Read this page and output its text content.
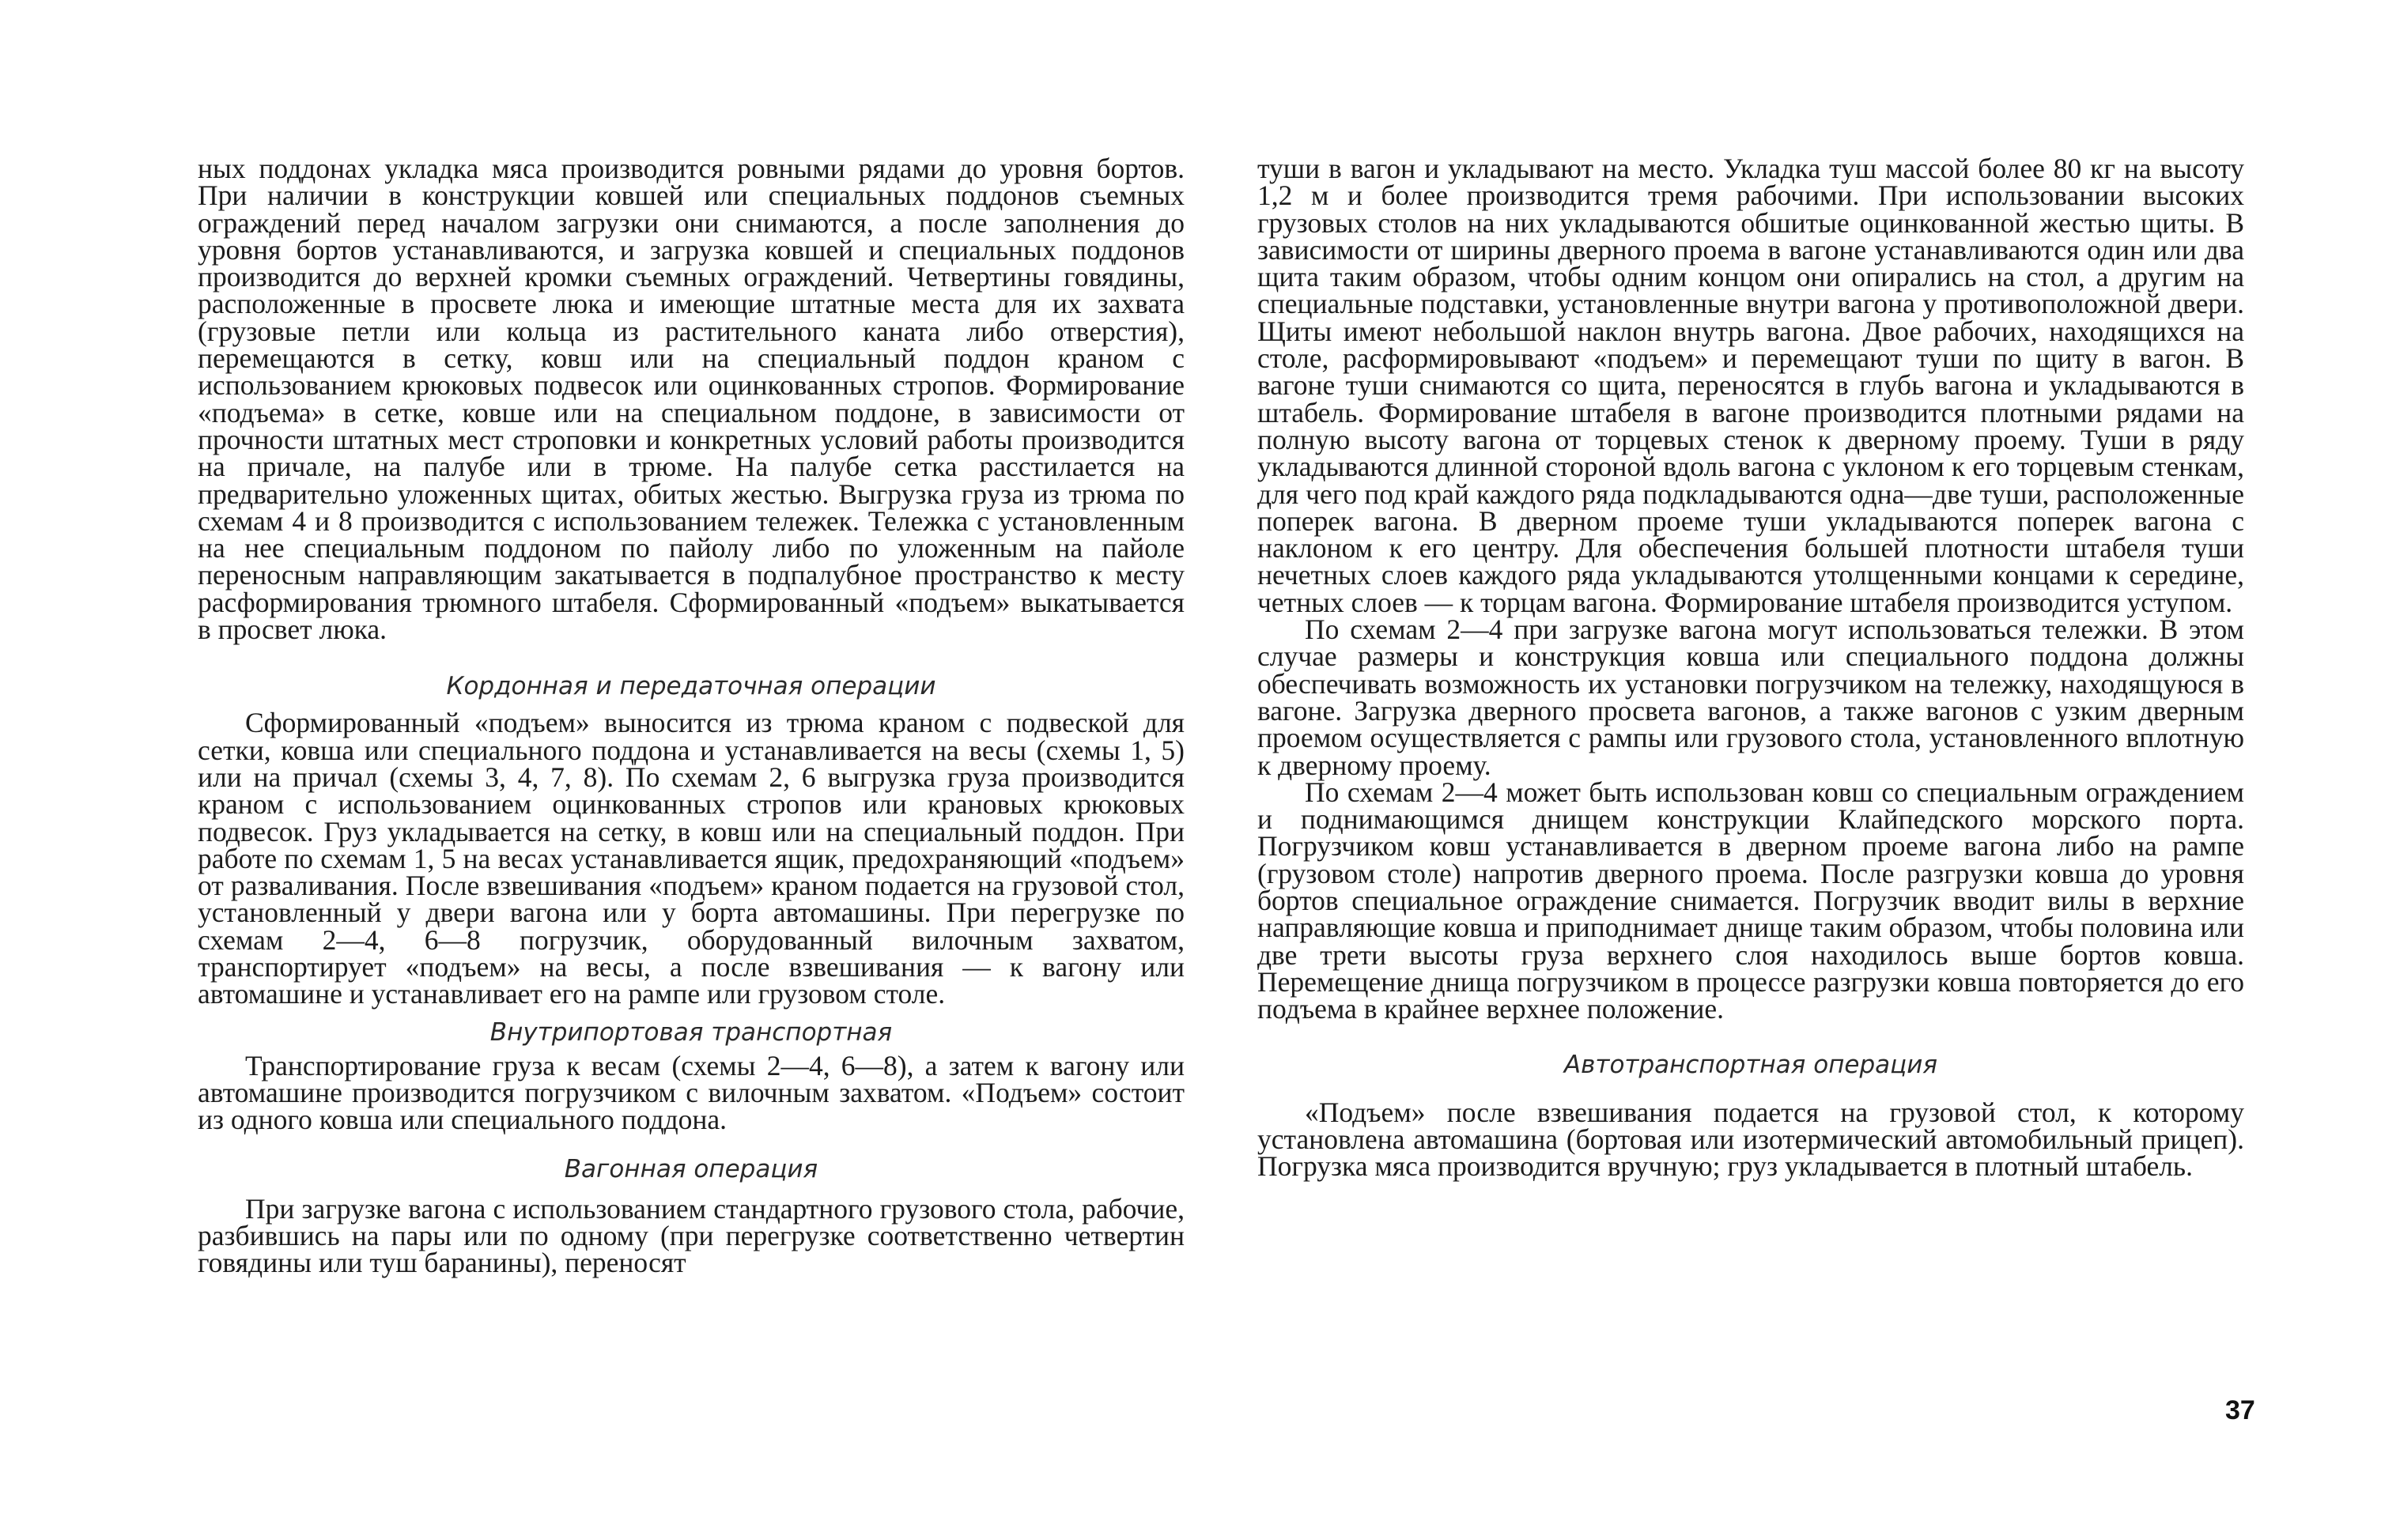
ных поддонах укладка мяса производится ровными рядами до уровня бортов. При наличии в конструкции ковшей или специальных поддонов съемных ограждений перед началом загрузки они снимаются, а после заполнения до уровня бортов устанавливаются, и загрузка ковшей и специальных поддонов производится до верхней кромки съемных ограждений. Четвертины говядины, расположенные в просвете люка и имеющие штатные места для их захвата (грузовые петли или кольца из растительного каната либо отверстия), перемещаются в сетку, ковш или на специальный поддон краном с использованием крюковых подвесок или оцинкованных стропов. Формирование «подъема» в сетке, ковше или на специальном поддоне, в зависимости от прочности штатных мест строповки и конкретных условий работы производится на причале, на палубе или в трюме. На палубе сетка расстилается на предварительно уложенных щитах, обитых жестью. Выгрузка груза из трюма по схемам 4 и 8 производится с использованием тележек. Тележка с установленным на нее специальным поддоном по пайолу либо по уложенным на пайоле переносным направляющим закатывается в подпалубное пространство к месту расформирования трюмного штабеля. Сформированный «подъем» выкатывается в просвет люка.

Кордонная и передаточная операции

Сформированный «подъем» выносится из трюма краном с подвеской для сетки, ковша или специального поддона и устанавливается на весы (схемы 1, 5) или на причал (схемы 3, 4, 7, 8). По схемам 2, 6 выгрузка груза производится краном с использованием оцинкованных стропов или крановых крюковых подвесок. Груз укладывается на сетку, в ковш или на специальный поддон. При работе по схемам 1, 5 на весах устанавливается ящик, предохраняющий «подъем» от разваливания. После взвешивания «подъем» краном подается на грузовой стол, установленный у двери вагона или у борта автомашины. При перегрузке по схемам 2—4, 6—8 погрузчик, оборудованный вилочным захватом, транспортирует «подъем» на весы, а после взвешивания — к вагону или автомашине и устанавливает его на рампе или грузовом столе.

Внутрипортовая транспортная

Транспортирование груза к весам (схемы 2—4, 6—8), а затем к вагону или автомашине производится погрузчиком с вилочным захватом. «Подъем» состоит из одного ковша или специального поддона.

Вагонная операция

При загрузке вагона с использованием стандартного грузового стола, рабочие, разбившись на пары или по одному (при перегрузке соответственно четвертин говядины или туш баранины), переносят

туши в вагон и укладывают на место. Укладка туш массой более 80 кг на высоту 1,2 м и более производится тремя рабочими. При использовании высоких грузовых столов на них укладываются обшитые оцинкованной жестью щиты. В зависимости от ширины дверного проема в вагоне устанавливаются один или два щита таким образом, чтобы одним концом они опирались на стол, а другим на специальные подставки, установленные внутри вагона у противоположной двери. Щиты имеют небольшой наклон внутрь вагона. Двое рабочих, находящихся на столе, расформировывают «подъем» и перемещают туши по щиту в вагон. В вагоне туши снимаются со щита, переносятся в глубь вагона и укладываются в штабель. Формирование штабеля в вагоне производится плотными рядами на полную высоту вагона от торцевых стенок к дверному проему. Туши в ряду укладываются длинной стороной вдоль вагона с уклоном к его торцевым стенкам, для чего под край каждого ряда подкладываются одна—две туши, расположенные поперек вагона. В дверном проеме туши укладываются поперек вагона с наклоном к его центру. Для обеспечения большей плотности штабеля туши нечетных слоев каждого ряда укладываются утолщенными концами к середине, четных слоев — к торцам вагона. Формирование штабеля производится уступом.

По схемам 2—4 при загрузке вагона могут использоваться тележки. В этом случае размеры и конструкция ковша или специального поддона должны обеспечивать возможность их установки погрузчиком на тележку, находящуюся в вагоне. Загрузка дверного просвета вагонов, а также вагонов с узким дверным проемом осуществляется с рампы или грузового стола, установленного вплотную к дверному проему.

По схемам 2—4 может быть использован ковш со специальным ограждением и поднимающимся днищем конструкции Клайпедского морского порта. Погрузчиком ковш устанавливается в дверном проеме вагона либо на рампе (грузовом столе) напротив дверного проема. После разгрузки ковша до уровня бортов специальное ограждение снимается. Погрузчик вводит вилы в верхние направляющие ковша и приподнимает днище таким образом, чтобы половина или две трети высоты груза верхнего слоя находилось выше бортов ковша. Перемещение днища погрузчиком в процессе разгрузки ковша повторяется до его подъема в крайнее верхнее положение.

Автотранспортная операция

«Подъем» после взвешивания подается на грузовой стол, к которому установлена автомашина (бортовая или изотермический автомобильный прицеп). Погрузка мяса производится вручную; груз укладывается в плотный штабель.

37
